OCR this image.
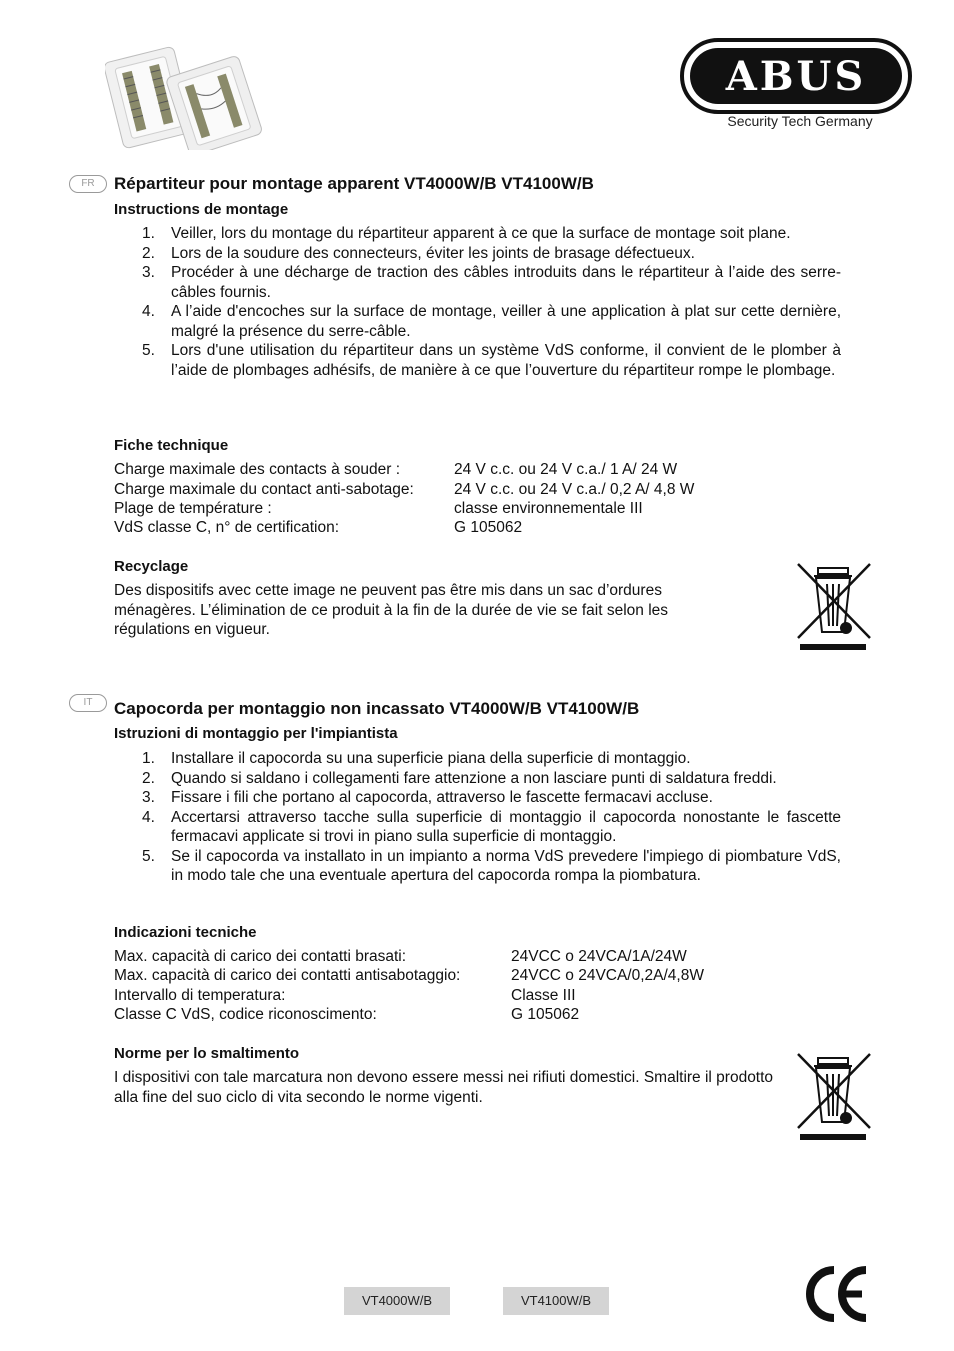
ABUS
Security Tech Germany
FR	Répartiteur pour montage apparent VT4000W/B VT4100W/B
Instructions de montage
1. Veiller, lors du montage du répartiteur apparent à ce que la surface de montage soit plane.
2. Lors de la soudure des connecteurs, éviter les joints de brasage défectueux.
3. Procéder à une décharge de traction des câbles introduits dans le répartiteur à l’aide des serre-câbles fournis.
4. A l’aide d'encoches sur la surface de montage, veiller à une application à plat sur cette dernière, malgré la présence du serre-câble.
5. Lors d'une utilisation du répartiteur dans un système VdS conforme, il convient de le plomber à l’aide de plombages adhésifs, de manière à ce que l’ouverture du répartiteur rompe le plombage.
Fiche technique
Charge maximale des contacts à souder :	24 V c.c. ou 24 V c.a./ 1 A/ 24 W
Charge maximale du contact anti-sabotage:	24 V c.c. ou 24 V c.a./ 0,2 A/ 4,8 W
Plage de température :	classe environnementale III
VdS classe C, n° de certification:	G 105062
Recyclage
Des dispositifs avec cette image ne peuvent pas être mis dans un sac d’ordures ménagères. L’élimination de ce produit à la fin de la durée de vie se fait selon les régulations en vigueur.
IT	Capocorda per montaggio non incassato VT4000W/B VT4100W/B
Istruzioni di montaggio per l'impiantista
1. Installare il capocorda su una superficie piana della superficie di montaggio.
2. Quando si saldano i collegamenti fare attenzione a non lasciare punti di saldatura freddi.
3. Fissare i fili che portano al capocorda, attraverso le fascette fermacavi accluse.
4. Accertarsi attraverso tacche sulla superficie di montaggio il capocorda nonostante le fascette fermacavi applicate si trovi in piano sulla superficie di montaggio.
5. Se il capocorda va installato in un impianto a norma VdS prevedere l'impiego di piombature VdS, in modo tale che una eventuale apertura del capocorda rompa la piombatura.
Indicazioni tecniche
Max. capacità di carico dei contatti brasati:	24VCC o 24VCA/1A/24W
Max. capacità di carico dei contatti antisabotaggio:	24VCC o 24VCA/0,2A/4,8W
Intervallo di temperatura:	Classe III
Classe C VdS, codice riconoscimento:	G 105062
Norme per lo smaltimento
I dispositivi con tale marcatura non devono essere messi nei rifiuti domestici. Smaltire il prodotto alla fine del suo ciclo di vita secondo le norme vigenti.
VT4000W/B	VT4100W/B
